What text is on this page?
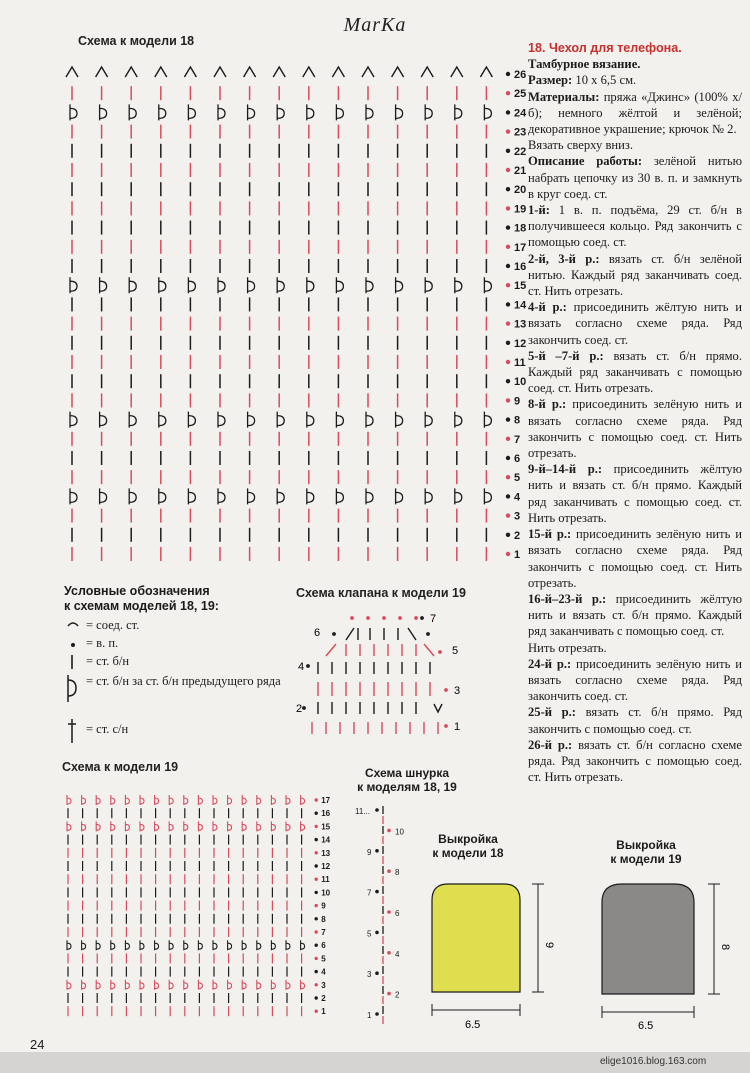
MarKa
Схема к модели 18
26
25
24
23
22
21
20
19
18
17
16
15
14
13
12
11
10
9
8
7
6
5
4
3
2
1

18. Чехол для телефона.

Тамбурное вязание.

Размер: 10 x 6,5 см.

Материалы: пряжа «Джинс» (100% х/б); немного жёлтой и зелёной; декоративное украшение; крючок № 2.

Вязать сверху вниз.

Описание работы: зелёной нитью набрать цепочку из 30 в. п. и замкнуть в круг соед. ст.

1-й: 1 в. п. подъёма, 29 ст. б/н в получившееся кольцо. Ряд закончить с помощью соед. ст.

2-й, 3-й р.: вязать ст. б/н зелёной нитью. Каждый ряд заканчивать соед. ст. Нить отрезать.

4-й р.: присоединить жёлтую нить и вязать согласно схеме ряда. Ряд закончить соед. ст.

5-й –7-й р.: вязать ст. б/н прямо. Каждый ряд заканчивать с помощью соед. ст. Нить отрезать.

8-й р.: присоединить зелёную нить и вязать согласно схеме ряда. Ряд закончить с помощью соед. ст. Нить отрезать.

9-й–14-й р.: присоединить жёлтую нить и вязать ст. б/н прямо. Каждый ряд заканчивать с помощью соед. ст. Нить отрезать.

15-й р.: присоединить зелёную нить и вязать согласно схеме ряда. Ряд закончить с помощью соед. ст. Нить отрезать.

16-й–23-й р.: присоединить жёлтую нить и вязать ст. б/н прямо. Каждый ряд заканчивать с помощью соед. ст.

Нить отрезать.

24-й р.: присоединить зелёную нить и вязать согласно схеме ряда. Ряд закончить соед. ст.

25-й р.: вязать ст. б/н прямо. Ряд закончить с помощью соед. ст.

26-й р.: вязать ст. б/н согласно схеме ряда. Ряд закончить с помощью соед. ст. Нить отрезать.

Условные обозначения
к схемам моделей 18, 19:
= соед. ст.
= в. п.
= ст. б/н
= ст. б/н за ст. б/н предыдущего ряда
= ст. с/н
Схема клапана к модели 19
7
6
5
4
3
2
1
Схема к модели 19
17
16
15
14
13
12
11
10
9
8
7
6
5
4
3
2
1
Схема шнурка
к моделям 18, 19
11...
10
9
8
7
6
5
4
3
2
1
Выкройка
к модели 18
9
6.5
Выкройка
к модели 19
8
6.5
24
elige1016.blog.163.com
